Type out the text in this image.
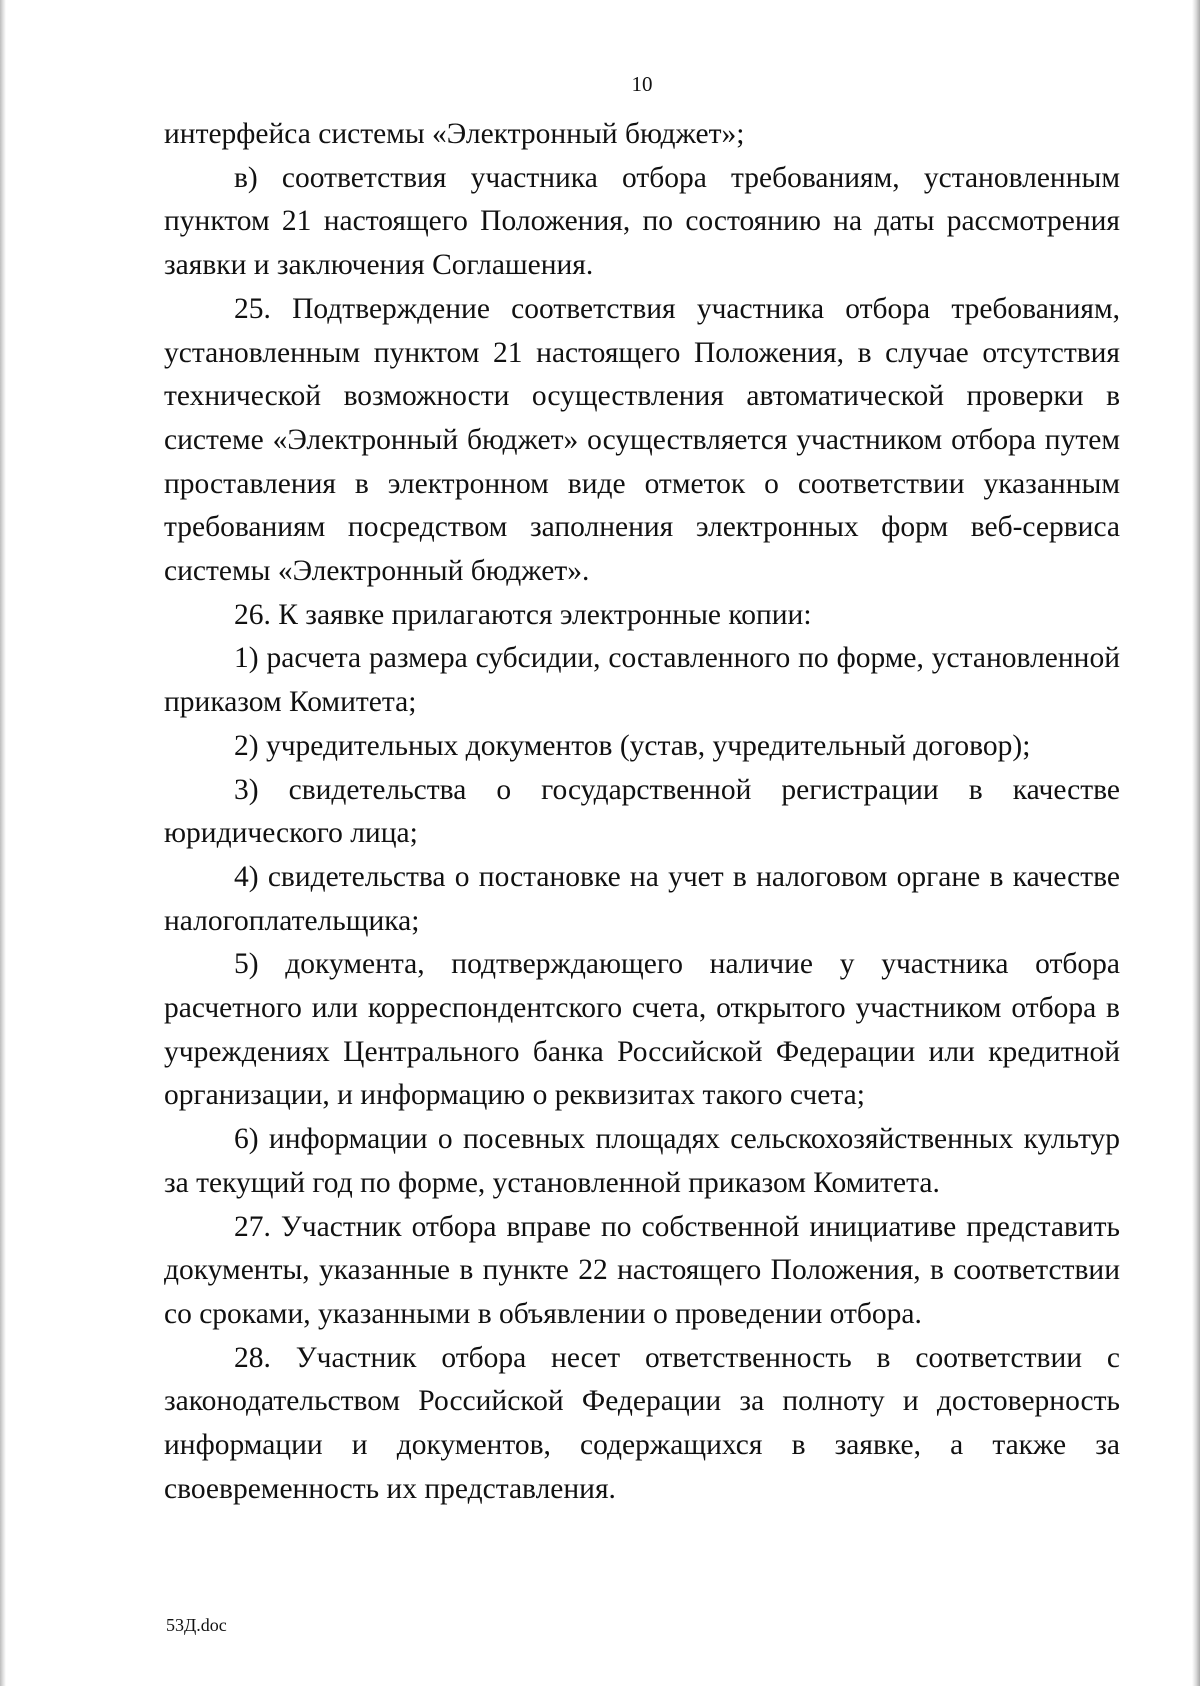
10

интерфейса системы «Электронный бюджет»;

в) соответствия участника отбора требованиям, установленным пунктом 21 настоящего Положения, по состоянию на даты рассмотрения заявки и заключения Соглашения.

25. Подтверждение соответствия участника отбора требованиям, установленным пунктом 21 настоящего Положения, в случае отсутствия технической возможности осуществления автоматической проверки в системе «Электронный бюджет» осуществляется участником отбора путем проставления в электронном виде отметок о соответствии указанным требованиям посредством заполнения электронных форм веб-сервиса системы «Электронный бюджет».

26. К заявке прилагаются электронные копии:

1) расчета размера субсидии, составленного по форме, установленной приказом Комитета;

2) учредительных документов (устав, учредительный договор);

3) свидетельства о государственной регистрации в качестве юридического лица;

4) свидетельства о постановке на учет в налоговом органе в качестве налогоплательщика;

5) документа, подтверждающего наличие у участника отбора расчетного или корреспондентского счета, открытого участником отбора в учреждениях Центрального банка Российской Федерации или кредитной организации, и информацию о реквизитах такого счета;

6) информации о посевных площадях сельскохозяйственных культур за текущий год по форме, установленной приказом Комитета.

27. Участник отбора вправе по собственной инициативе представить документы, указанные в пункте 22 настоящего Положения, в соответствии со сроками, указанными в объявлении о проведении отбора.

28. Участник отбора несет ответственность в соответствии с законодательством Российской Федерации за полноту и достоверность информации и документов, содержащихся в заявке, а также за своевременность их представления.

53Д.doc
